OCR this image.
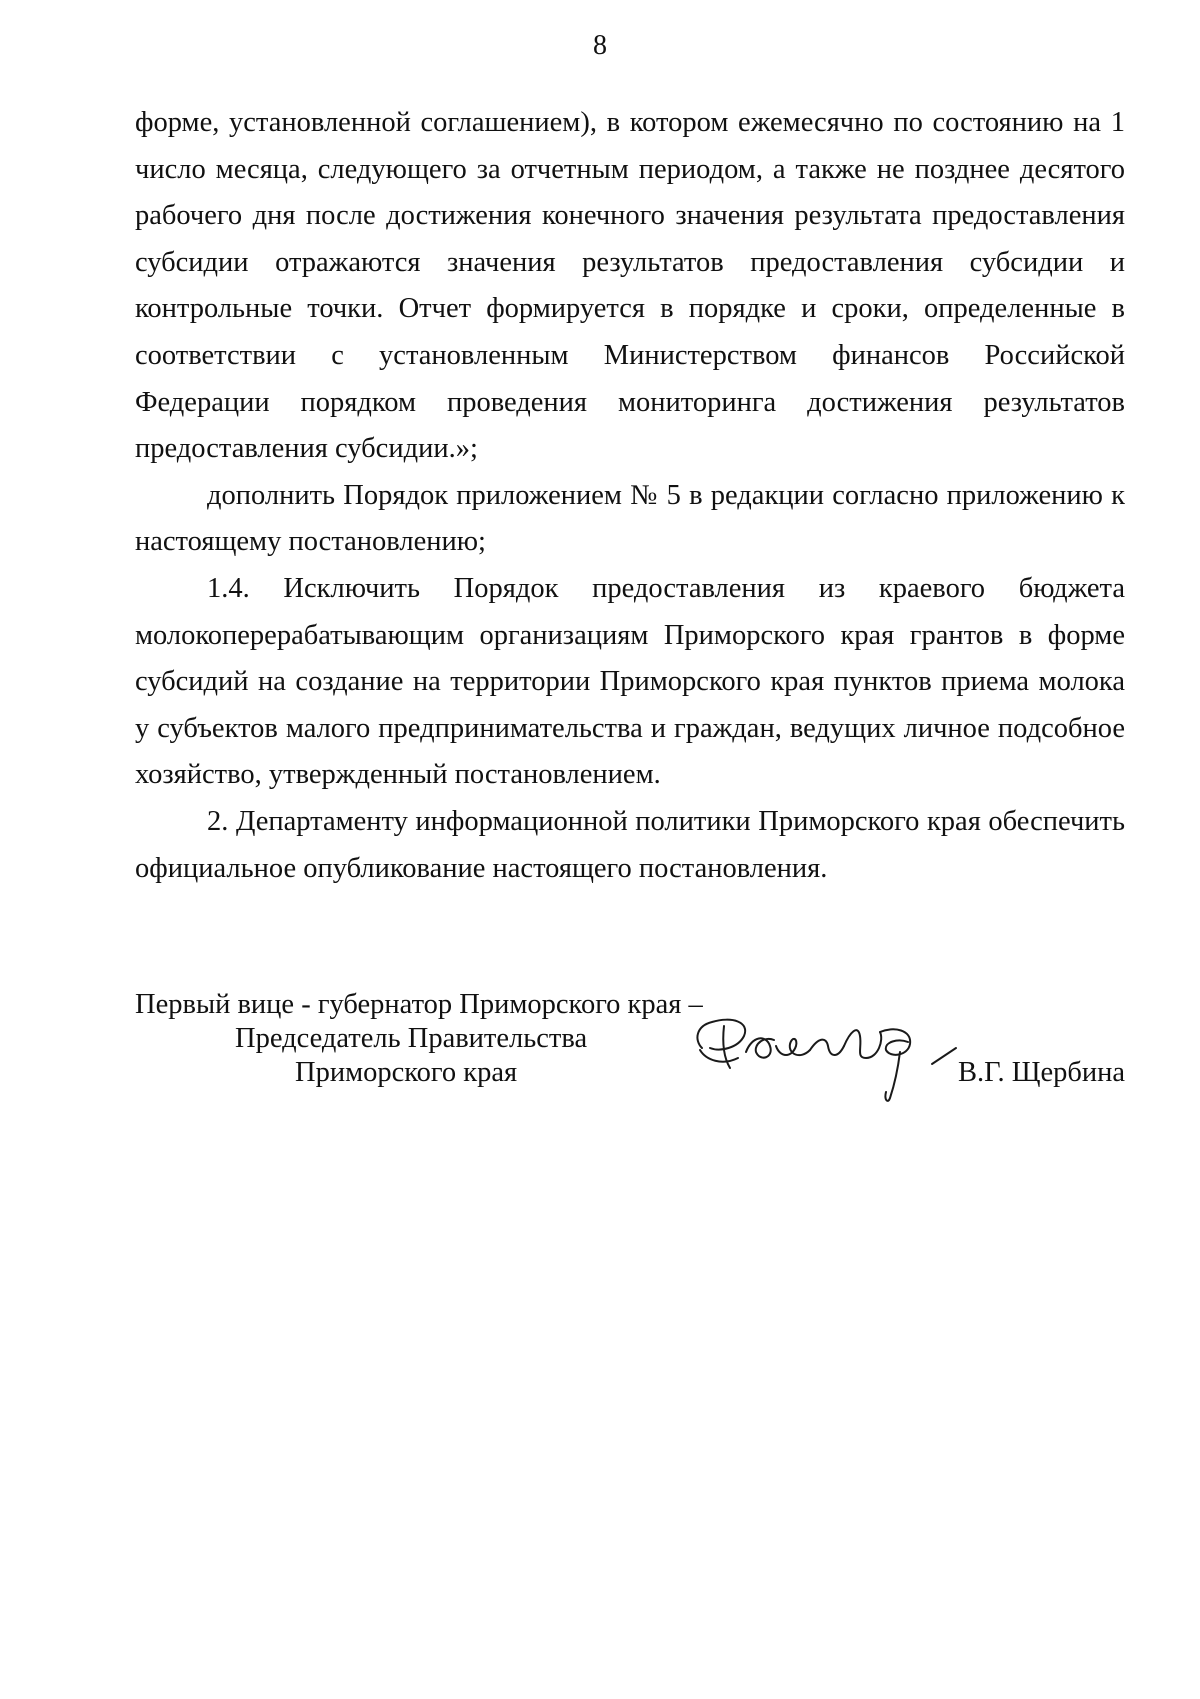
8

форме, установленной соглашением), в котором ежемесячно по состоянию на 1 число месяца, следующего за отчетным периодом, а также не позднее десятого рабочего дня после достижения конечного значения результата предоставления субсидии отражаются значения результатов предоставления субсидии и контрольные точки. Отчет формируется в порядке и сроки, определенные в соответствии с установленным Министерством финансов Российской Федерации порядком проведения мониторинга достижения результатов предоставления субсидии.»;

дополнить Порядок приложением № 5 в редакции согласно приложению к настоящему постановлению;

1.4. Исключить Порядок предоставления из краевого бюджета молокоперерабатывающим организациям Приморского края грантов в форме субсидий на создание на территории Приморского края пунктов приема молока у субъектов малого предпринимательства и граждан, ведущих личное подсобное хозяйство, утвержденный постановлением.

2. Департаменту информационной политики Приморского края обеспечить официальное опубликование настоящего постановления.

Первый вице - губернатор Приморского края –
Председатель Правительства
Приморского края	В.Г. Щербина
